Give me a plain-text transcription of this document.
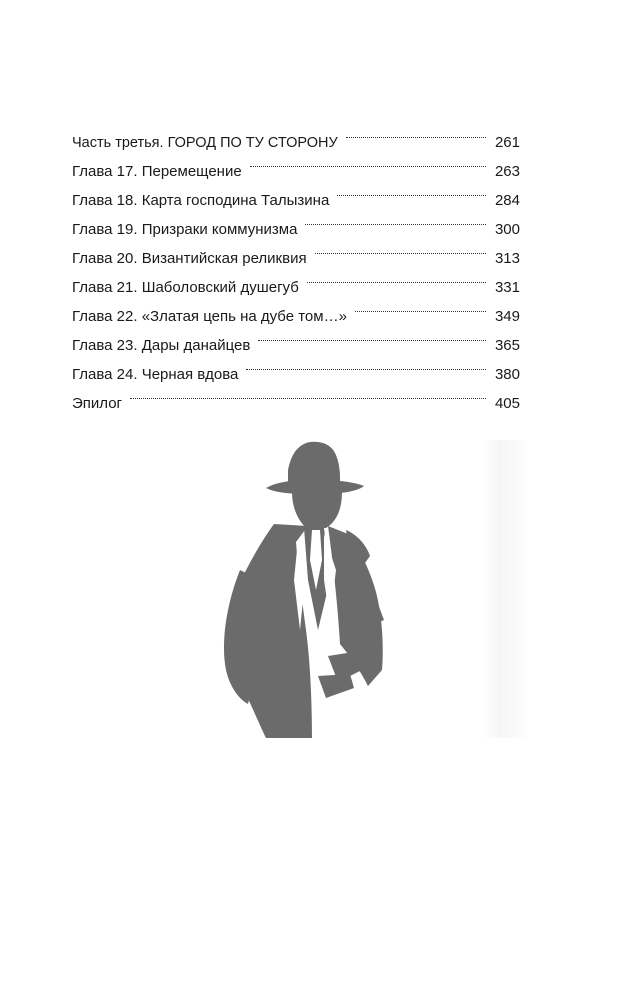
Часть третья. ГОРОД ПО ТУ СТОРОНУ	261
Глава 17. Перемещение	263
Глава 18. Карта господина Талызина	284
Глава 19. Призраки коммунизма	300
Глава 20. Византийская реликвия	313
Глава 21. Шаболовский душегуб	331
Глава 22. «Златая цепь на дубе том…»	349
Глава 23. Дары данайцев	365
Глава 24. Черная вдова	380
Эпилог	405
